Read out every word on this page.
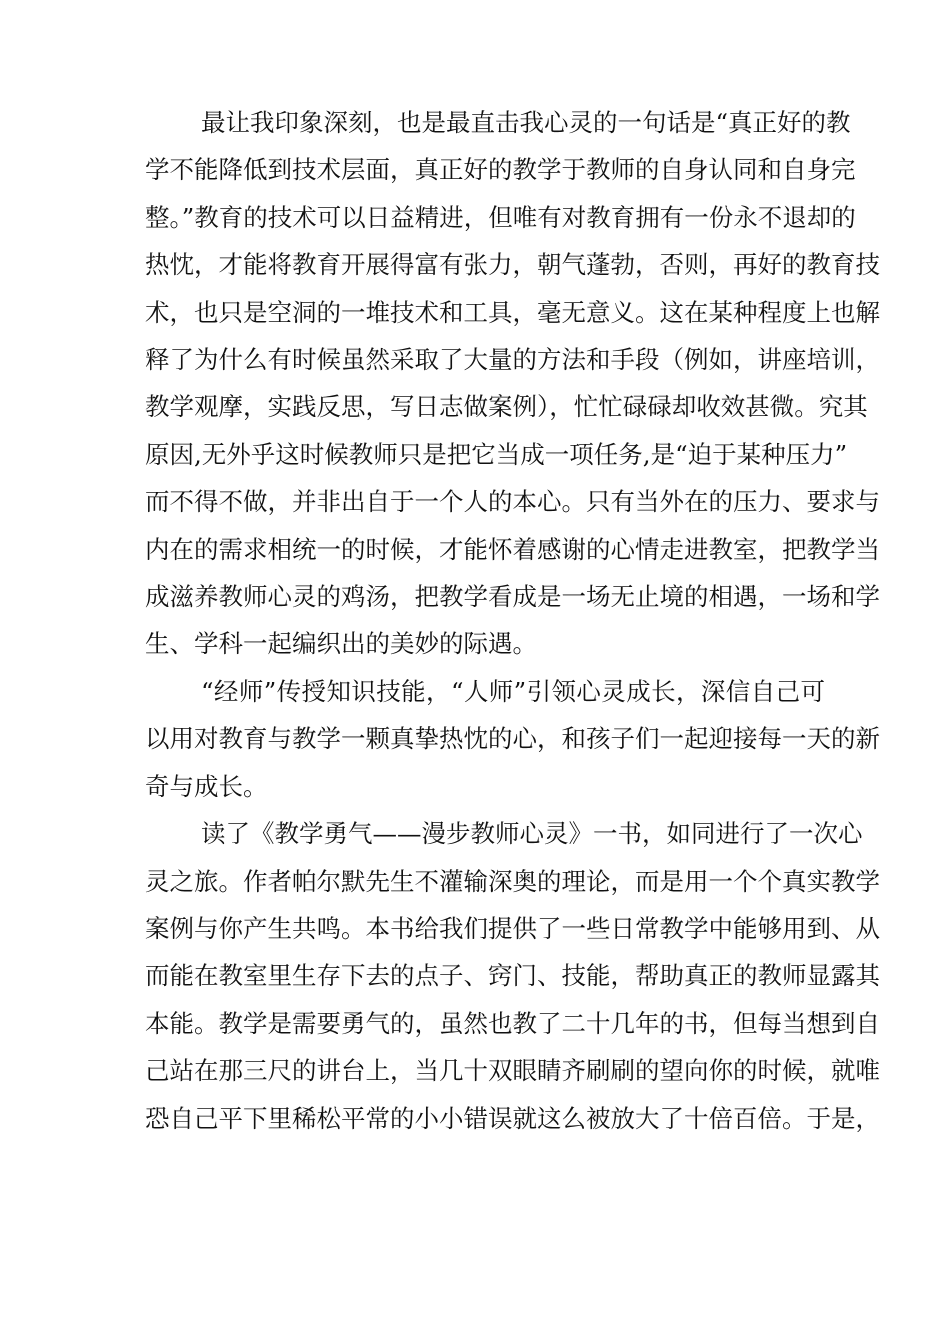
最让我印象深刻，也是最直击我心灵的一句话是“真正好的教
学不能降低到技术层面，真正好的教学于教师的自身认同和自身完
整。”教育的技术可以日益精进，但唯有对教育拥有一份永不退却的
热忱，才能将教育开展得富有张力，朝气蓬勃，否则，再好的教育技
术，也只是空洞的一堆技术和工具，毫无意义。这在某种程度上也解
释了为什么有时候虽然采取了大量的方法和手段（例如，讲座培训，
教学观摩，实践反思，写日志做案例），忙忙碌碌却收效甚微。究其
原因,无外乎这时候教师只是把它当成一项任务,是“迫于某种压力”
而不得不做，并非出自于一个人的本心。只有当外在的压力、要求与
内在的需求相统一的时候，才能怀着感谢的心情走进教室，把教学当
成滋养教师心灵的鸡汤，把教学看成是一场无止境的相遇，一场和学
生、学科一起编织出的美妙的际遇。
“经师”传授知识技能，“人师”引领心灵成长，深信自己可
以用对教育与教学一颗真挚热忱的心，和孩子们一起迎接每一天的新
奇与成长。
读了《教学勇气——漫步教师心灵》一书，如同进行了一次心
灵之旅。作者帕尔默先生不灌输深奥的理论，而是用一个个真实教学
案例与你产生共鸣。本书给我们提供了一些日常教学中能够用到、从
而能在教室里生存下去的点子、窍门、技能，帮助真正的教师显露其
本能。教学是需要勇气的，虽然也教了二十几年的书，但每当想到自
己站在那三尺的讲台上，当几十双眼睛齐刷刷的望向你的时候，就唯
恐自己平下里稀松平常的小小错误就这么被放大了十倍百倍。于是，
